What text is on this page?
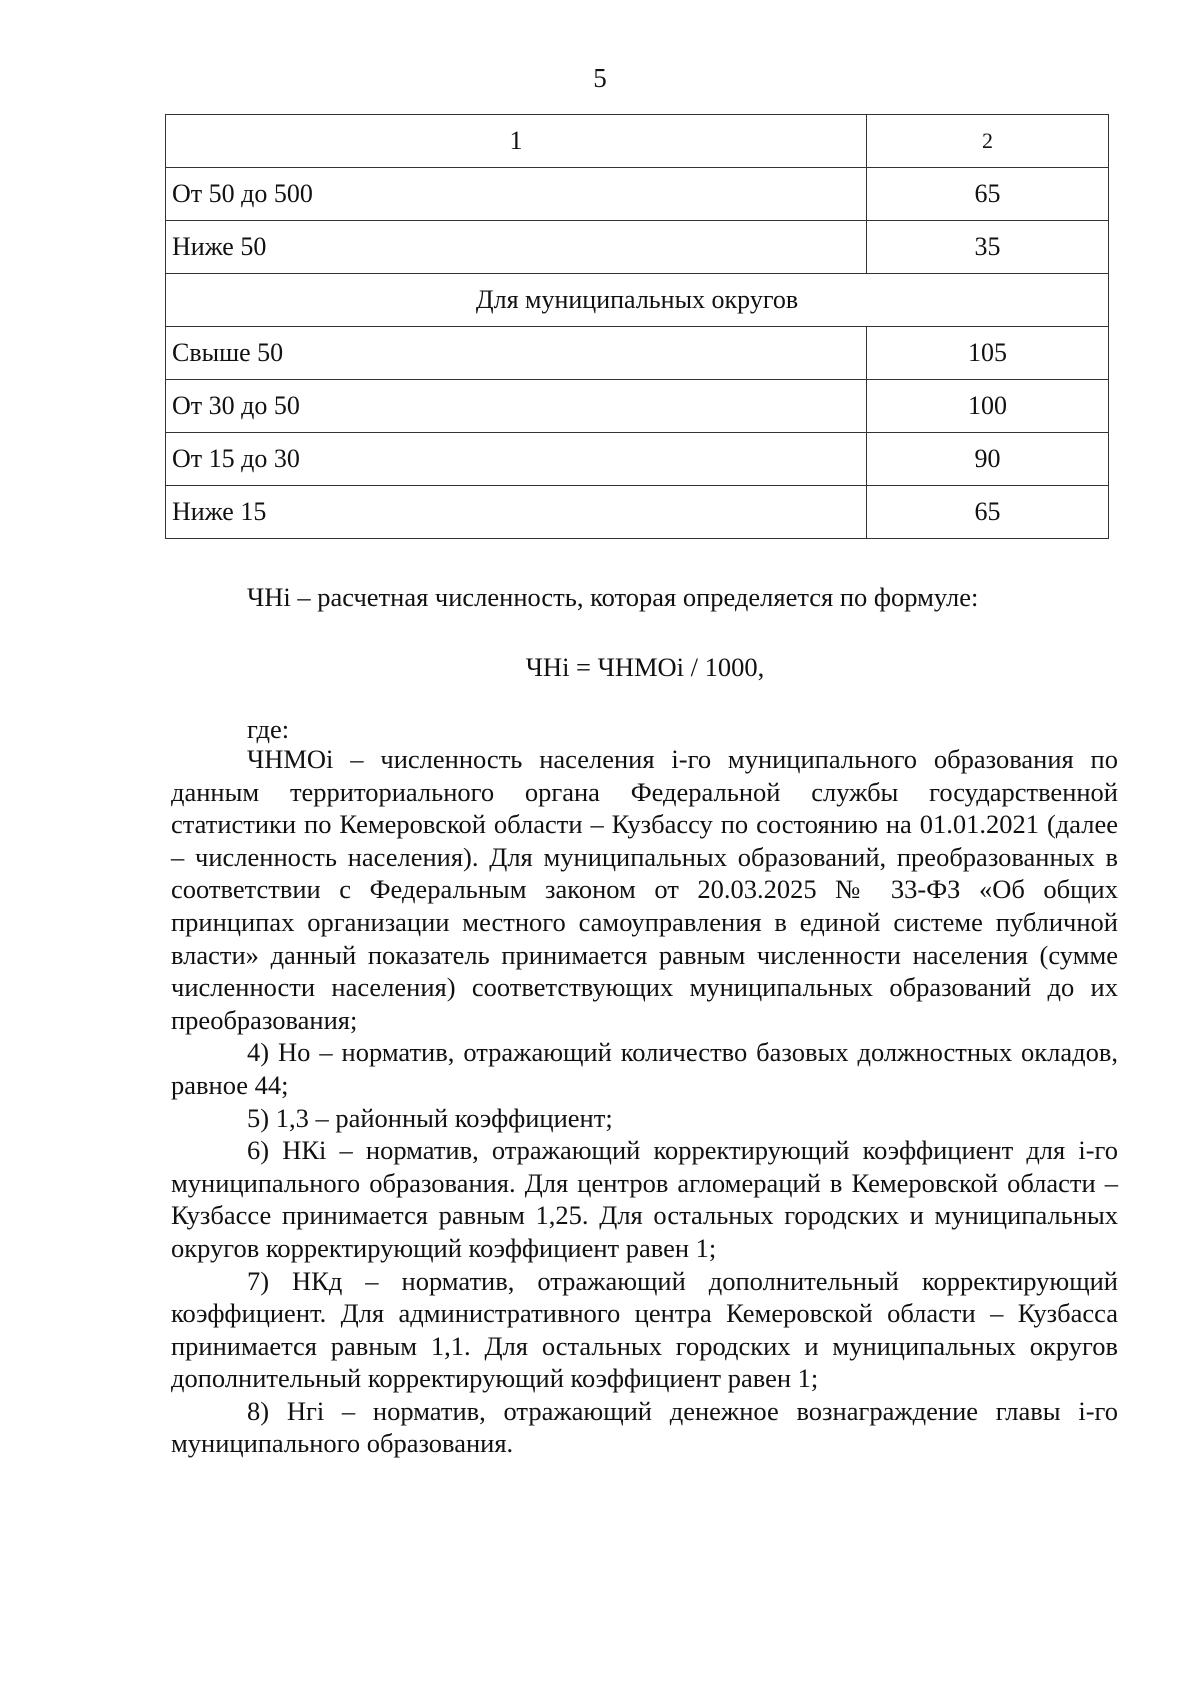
5
1	2
От 50 до 500	65
Ниже 50	35
Для муниципальных округов	
Свыше 50	105
От 30 до 50	100
От 15 до 30	90
Ниже 15	65
ЧНi – расчетная численность, которая определяется по формуле:
ЧНi = ЧНМОi / 1000,
где:

ЧНМОi – численность населения i-го муниципального образования по данным территориального органа Федеральной службы государственной статистики по Кемеровской области – Кузбассу по состоянию на 01.01.2021 (далее – численность населения). Для муниципальных образований, преобразованных в соответствии с Федеральным законом от 20.03.2025 № 33-ФЗ «Об общих принципах организации местного самоуправления в единой системе публичной власти» данный показатель принимается равным численности населения (сумме численности населения) соответствующих муниципальных образований до их преобразования;

4) Но – норматив, отражающий количество базовых должностных окладов, равное 44;

5) 1,3 – районный коэффициент;

6) НКi – норматив, отражающий корректирующий коэффициент для i-го муниципального образования. Для центров агломераций в Кемеровской области – Кузбассе принимается равным 1,25. Для остальных городских и муниципальных округов корректирующий коэффициент равен 1;

7) НКд – норматив, отражающий дополнительный корректирующий коэффициент. Для административного центра Кемеровской области – Кузбасса принимается равным 1,1. Для остальных городских и муниципальных округов дополнительный корректирующий коэффициент равен 1;

8) Нгi – норматив, отражающий денежное вознаграждение главы i-го муниципального образования.
